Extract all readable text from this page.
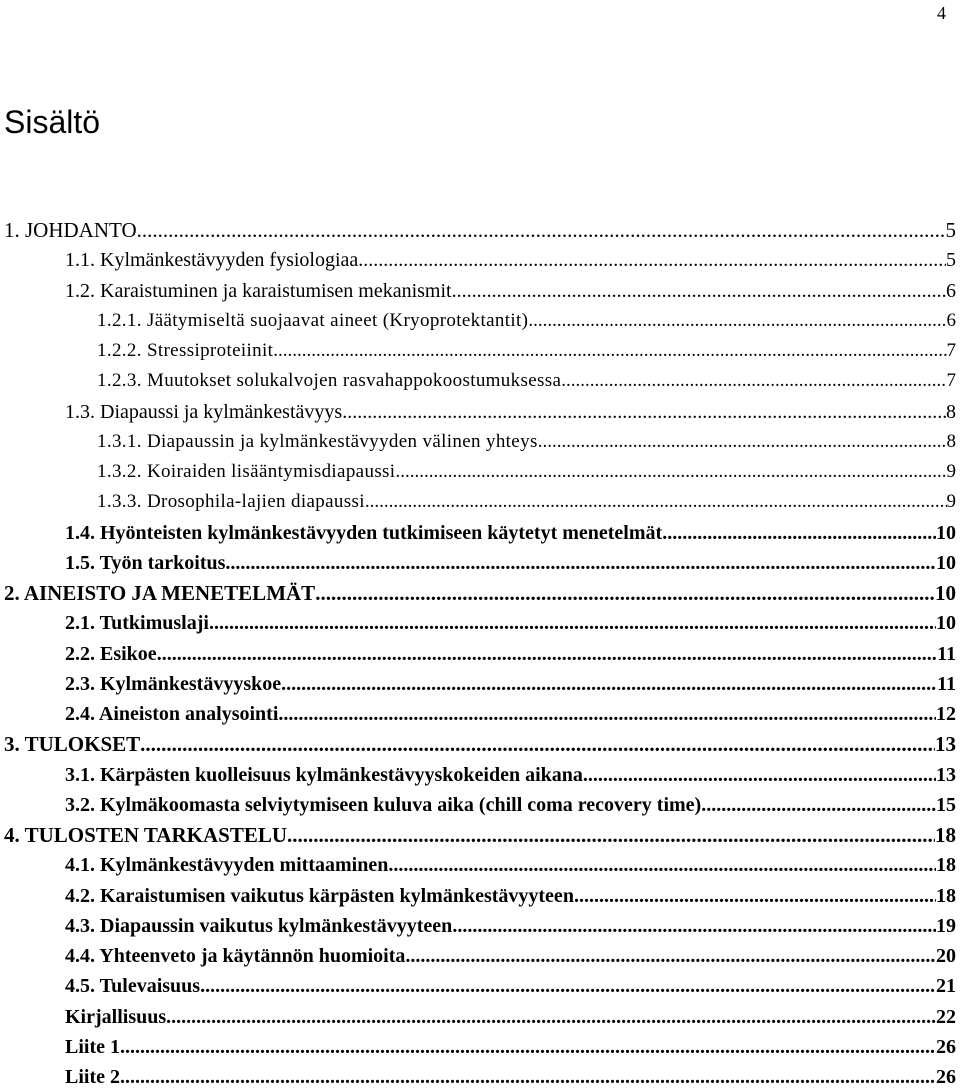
4
Sisältö
1. JOHDANTO .....	5
1.1. Kylmänkestävyyden fysiologiaa .....	5
1.2. Karaistuminen ja karaistumisen mekanismit .....	6
1.2.1. Jäätymiseltä suojaavat aineet (Kryoprotektantit) .....	6
1.2.2. Stressiproteiinit .....	7
1.2.3. Muutokset solukalvojen rasvahappokoostumuksessa .....	7
1.3. Diapaussi ja kylmänkestävyys .....	8
1.3.1. Diapaussin ja kylmänkestävyyden välinen yhteys .....	8
1.3.2. Koiraiden lisääntymisdiapaussi .....	9
1.3.3. Drosophila-lajien diapaussi .....	9
1.4. Hyönteisten kylmänkestävyyden tutkimiseen käytetyt menetelmät .....	10
1.5. Työn tarkoitus .....	10
2. AINEISTO JA MENETELMÄT .....	10
2.1. Tutkimuslaji .....	10
2.2. Esikoe .....	11
2.3. Kylmänkestävyyskoe .....	11
2.4. Aineiston analysointi .....	12
3. TULOKSET .....	13
3.1. Kärpästen kuolleisuus kylmänkestävyyskokeiden aikana .....	13
3.2. Kylmäkoomasta selviytymiseen kuluva aika (chill coma recovery time) .....	15
4. TULOSTEN TARKASTELU .....	18
4.1. Kylmänkestävyyden mittaaminen .....	18
4.2. Karaistumisen vaikutus kärpästen kylmänkestävyyteen .....	18
4.3. Diapaussin vaikutus kylmänkestävyyteen .....	19
4.4. Yhteenveto ja käytännön huomioita .....	20
4.5. Tulevaisuus .....	21
Kirjallisuus .....	22
Liite 1. .....	26
Liite 2. .....	26
